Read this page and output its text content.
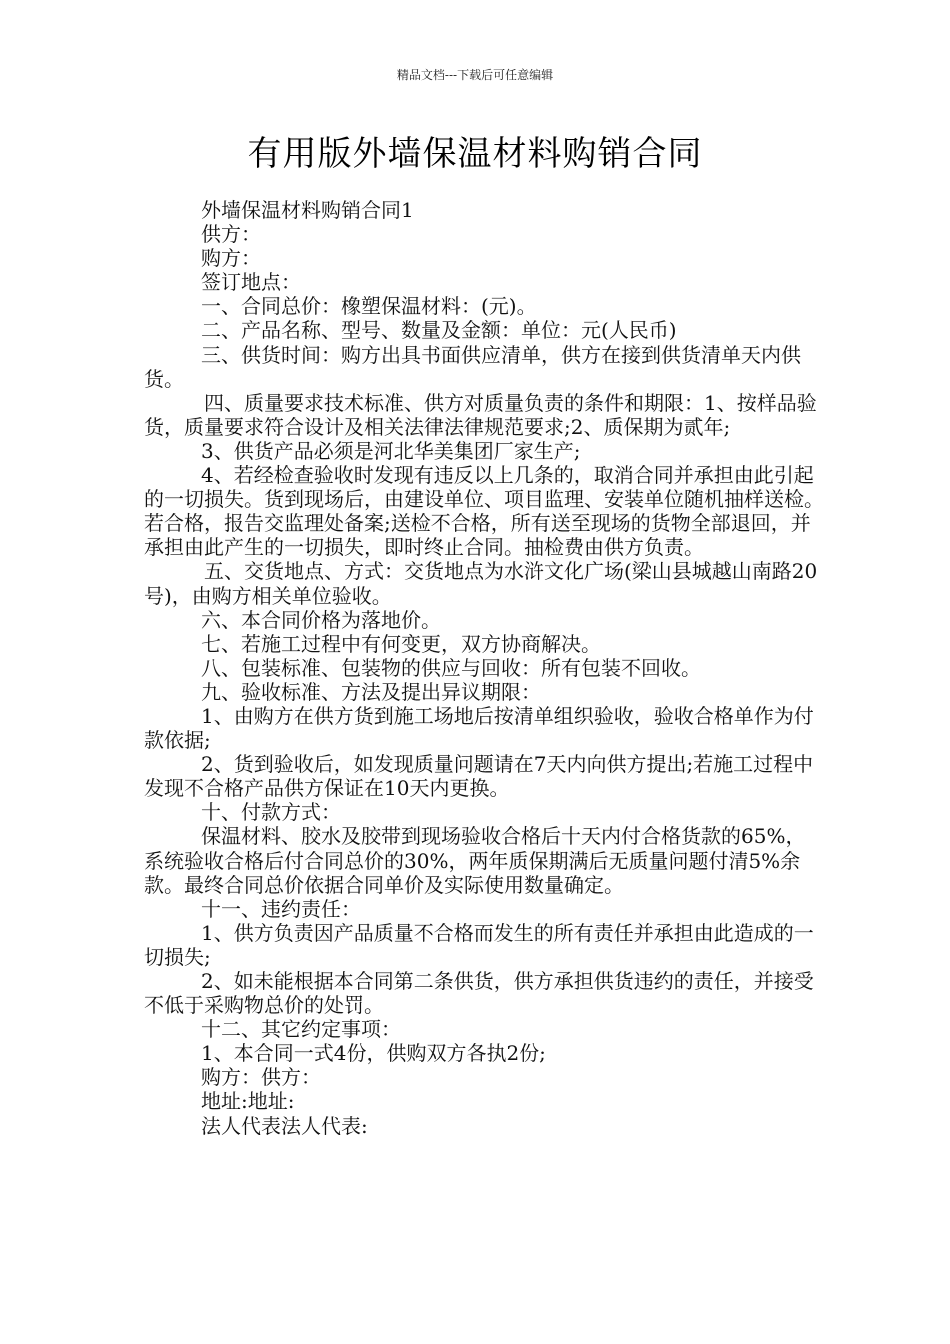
精品文档---下载后可任意编辑
有用版外墙保温材料购销合同

外墙保温材料购销合同1

供方：

购方：

签订地点：

一、合同总价：橡塑保温材料：(元)。

二、产品名称、型号、数量及金额：单位：元(人民币)

三、供货时间：购方出具书面供应清单，供方在接到供货清单天内供货。

四、质量要求技术标准、供方对质量负责的条件和期限：1、按样品验货，质量要求符合设计及相关法律法律规范要求;2、质保期为贰年;

3、供货产品必须是河北华美集团厂家生产;

4、若经检查验收时发现有违反以上几条的，取消合同并承担由此引起的一切损失。货到现场后，由建设单位、项目监理、安装单位随机抽样送检。若合格，报告交监理处备案;送检不合格，所有送至现场的货物全部退回，并承担由此产生的一切损失，即时终止合同。抽检费由供方负责。

五、交货地点、方式：交货地点为水浒文化广场(梁山县城越山南路20号)，由购方相关单位验收。

六、本合同价格为落地价。

七、若施工过程中有何变更，双方协商解决。

八、包装标准、包装物的供应与回收：所有包装不回收。

九、验收标准、方法及提出异议期限：

1、由购方在供方货到施工场地后按清单组织验收，验收合格单作为付款依据;

2、货到验收后，如发现质量问题请在7天内向供方提出;若施工过程中发现不合格产品供方保证在10天内更换。

十、付款方式：

保温材料、胶水及胶带到现场验收合格后十天内付合格货款的65%，系统验收合格后付合同总价的30%，两年质保期满后无质量问题付清5%余款。最终合同总价依据合同单价及实际使用数量确定。

十一、违约责任：

1、供方负责因产品质量不合格而发生的所有责任并承担由此造成的一切损失;

2、如未能根据本合同第二条供货，供方承担供货违约的责任，并接受不低于采购物总价的处罚。

十二、其它约定事项：

1、本合同一式4份，供购双方各执2份;

购方：供方：

地址:地址:

法人代表法人代表:
